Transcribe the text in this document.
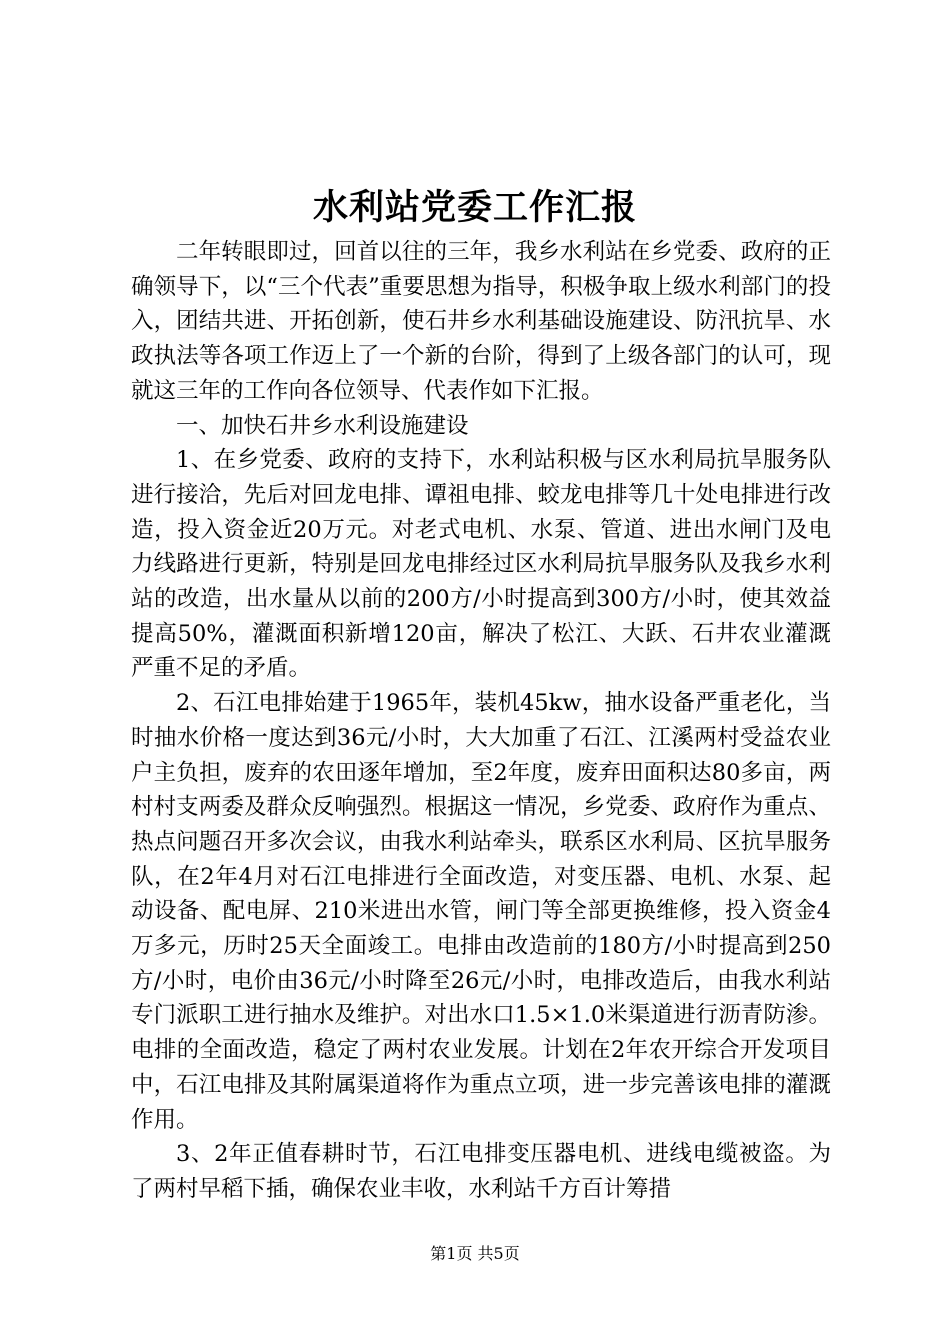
水利站党委工作汇报

二年转眼即过，回首以往的三年，我乡水利站在乡党委、政府的正确领导下，以“三个代表”重要思想为指导，积极争取上级水利部门的投入，团结共进、开拓创新，使石井乡水利基础设施建设、防汛抗旱、水政执法等各项工作迈上了一个新的台阶，得到了上级各部门的认可，现就这三年的工作向各位领导、代表作如下汇报。

一、加快石井乡水利设施建设

1、在乡党委、政府的支持下，水利站积极与区水利局抗旱服务队进行接洽，先后对回龙电排、谭祖电排、蛟龙电排等几十处电排进行改造，投入资金近20万元。对老式电机、水泵、管道、进出水闸门及电力线路进行更新，特别是回龙电排经过区水利局抗旱服务队及我乡水利站的改造，出水量从以前的200方/小时提高到300方/小时，使其效益提高50%，灌溉面积新增120亩，解决了松江、大跃、石井农业灌溉严重不足的矛盾。

2、石江电排始建于1965年，装机45kw，抽水设备严重老化，当时抽水价格一度达到36元/小时，大大加重了石江、江溪两村受益农业户主负担，废弃的农田逐年增加，至2年度，废弃田面积达80多亩，两村村支两委及群众反响强烈。根据这一情况，乡党委、政府作为重点、热点问题召开多次会议，由我水利站牵头，联系区水利局、区抗旱服务队，在2年4月对石江电排进行全面改造，对变压器、电机、水泵、起动设备、配电屏、210米进出水管，闸门等全部更换维修，投入资金4万多元，历时25天全面竣工。电排由改造前的180方/小时提高到250方/小时，电价由36元/小时降至26元/小时，电排改造后，由我水利站专门派职工进行抽水及维护。对出水口1.5×1.0米渠道进行沥青防渗。电排的全面改造，稳定了两村农业发展。计划在2年农开综合开发项目中，石江电排及其附属渠道将作为重点立项，进一步完善该电排的灌溉作用。

3、2年正值春耕时节，石江电排变压器电机、进线电缆被盗。为了两村早稻下插，确保农业丰收，水利站千方百计筹措

第1页 共5页
